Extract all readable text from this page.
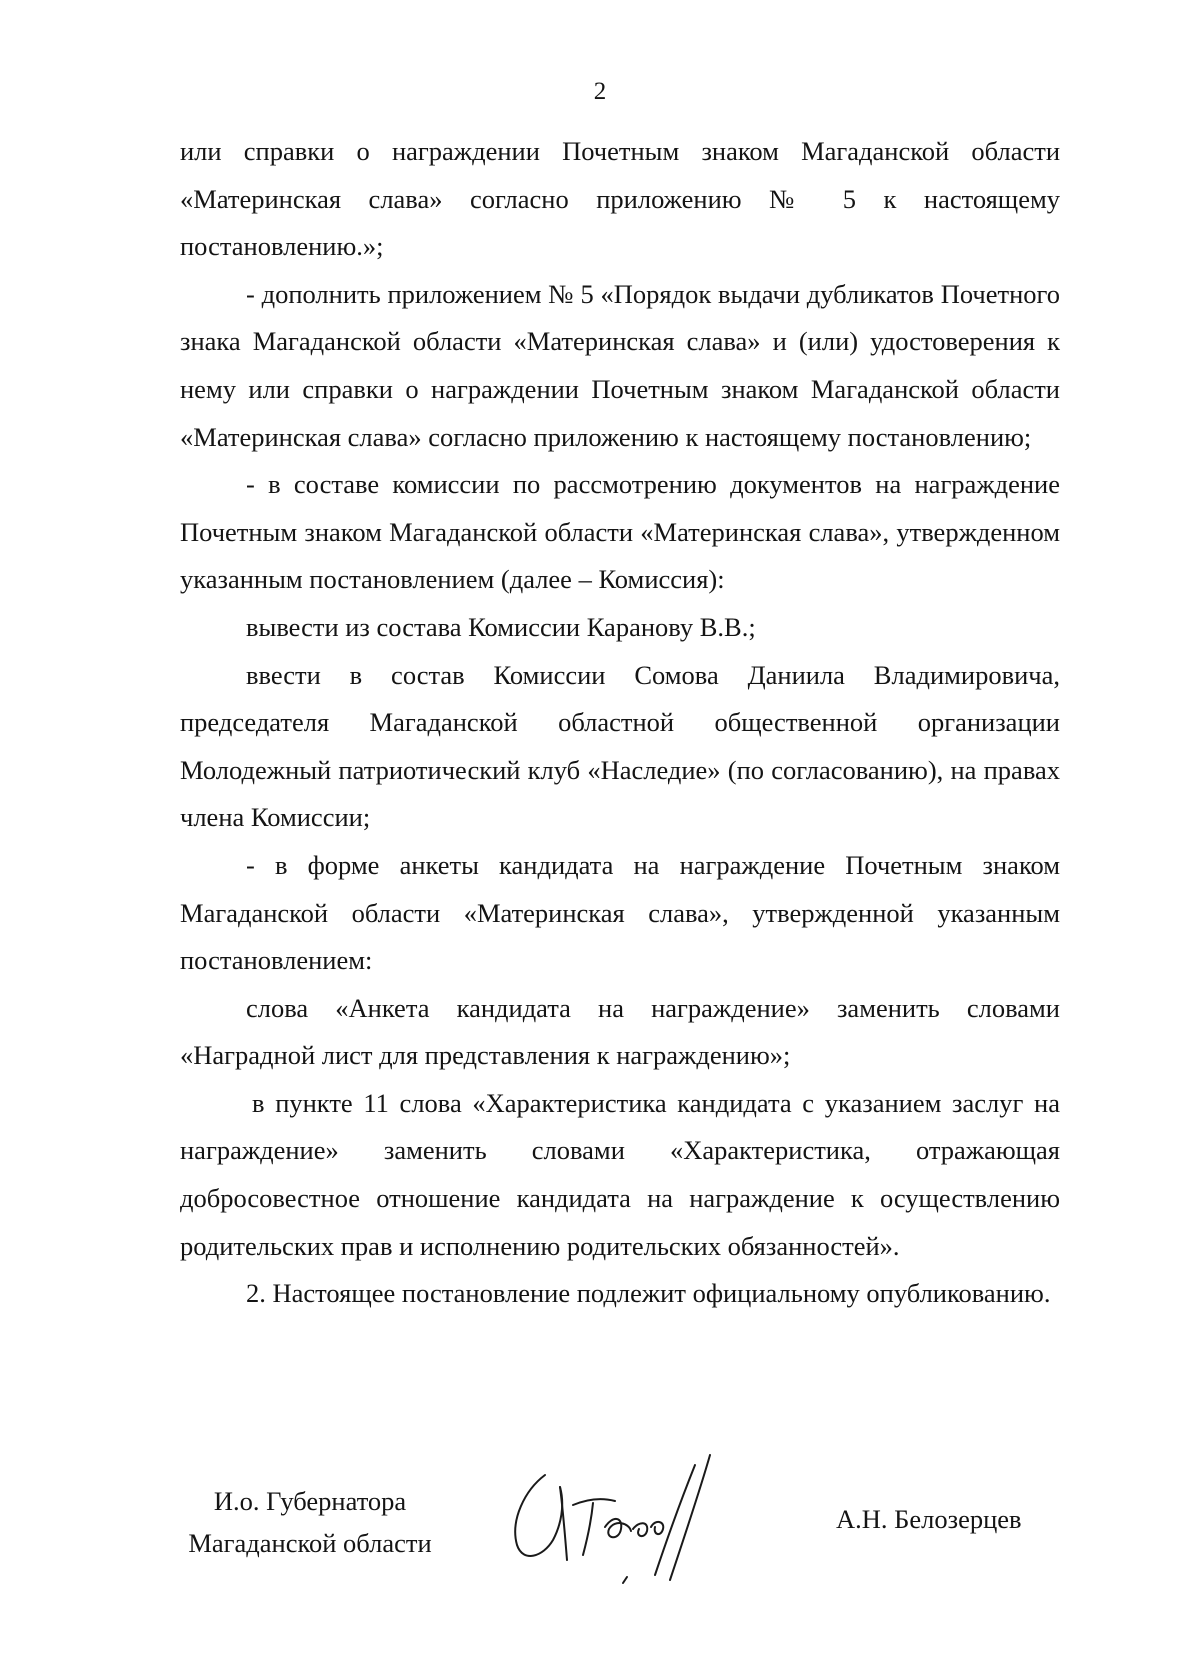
2

или справки о награждении Почетным знаком Магаданской области «Материнская слава» согласно приложению № 5 к настоящему постановлению.»;

- дополнить приложением № 5 «Порядок выдачи дубликатов Почетного знака Магаданской области «Материнская слава» и (или) удостоверения к нему или справки о награждении Почетным знаком Магаданской области «Материнская слава» согласно приложению к настоящему постановлению;

- в составе комиссии по рассмотрению документов на награждение Почетным знаком Магаданской области «Материнская слава», утвержденном указанным постановлением (далее – Комиссия):

вывести из состава Комиссии Каранову В.В.;

ввести в состав Комиссии Сомова Даниила Владимировича, председателя Магаданской областной общественной организации Молодежный патриотический клуб «Наследие» (по согласованию), на правах члена Комиссии;

- в форме анкеты кандидата на награждение Почетным знаком Магаданской области «Материнская слава», утвержденной указанным постановлением:

слова «Анкета кандидата на награждение» заменить словами «Наградной лист для представления к награждению»;

в пункте 11 слова «Характеристика кандидата с указанием заслуг на награждение» заменить словами «Характеристика, отражающая добросовестное отношение кандидата на награждение к осуществлению родительских прав и исполнению родительских обязанностей».

2. Настоящее постановление подлежит официальному опубликованию.

И.о. Губернатора
Магаданской области
А.Н. Белозерцев
